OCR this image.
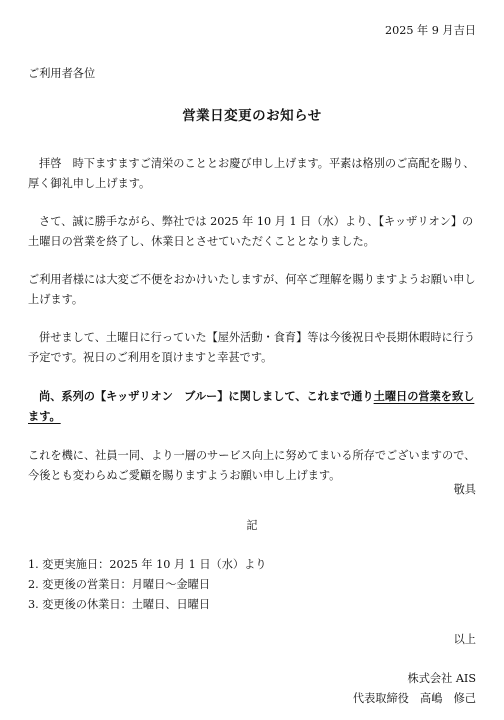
2025 年 9 月吉日
ご利用者各位
営業日変更のお知らせ

拝啓　時下ますますご清栄のこととお慶び申し上げます。平素は格別のご高配を賜り、厚く御礼申し上げます。

さて、誠に勝手ながら、弊社では 2025 年 10 月 1 日（水）より、【キッザリオン】の土曜日の営業を終了し、休業日とさせていただくこととなりました。

ご利用者様には大変ご不便をおかけいたしますが、何卒ご理解を賜りますようお願い申し上げます。

併せまして、土曜日に行っていた【屋外活動・食育】等は今後祝日や長期休暇時に行う予定です。祝日のご利用を頂けますと幸甚です。

尚、系列の【キッザリオン　ブルー】に関しまして、これまで通り土曜日の営業を致します。

これを機に、社員一同、より一層のサービス向上に努めてまいる所存でございますので、今後とも変わらぬご愛顧を賜りますようお願い申し上げます。

敬具
記
1. 変更実施日：2025 年 10 月 1 日（水）より
2. 変更後の営業日：月曜日～金曜日
3. 変更後の休業日：土曜日、日曜日
以上
株式会社 AIS
代表取締役　高嶋　修己
